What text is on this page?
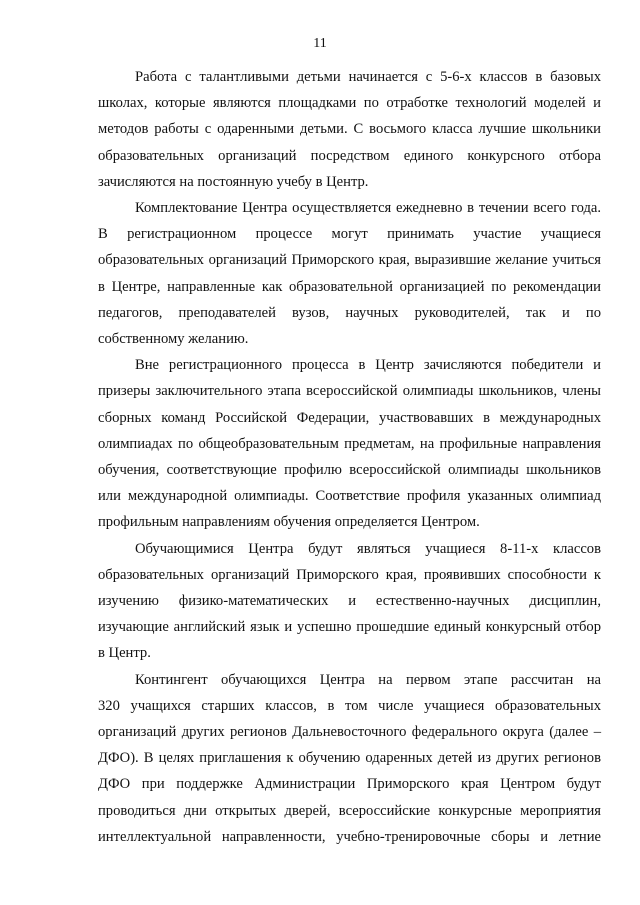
11

Работа с талантливыми детьми начинается с 5-6-х классов в базовых
школах, которые являются площадками по отработке технологий моделей и
методов работы с одаренными детьми. С восьмого класса лучшие школьники
образовательных организаций посредством единого конкурсного отбора
зачисляются на постоянную учебу в Центр.

Комплектование Центра осуществляется ежедневно в течении всего года.
В регистрационном процессе могут принимать участие учащиеся
образовательных организаций Приморского края, выразившие желание учиться
в Центре, направленные как образовательной организацией по рекомендации
педагогов, преподавателей вузов, научных руководителей, так и по
собственному желанию.

Вне регистрационного процесса в Центр зачисляются победители и
призеры заключительного этапа всероссийской олимпиады школьников, члены
сборных команд Российской Федерации, участвовавших в международных
олимпиадах по общеобразовательным предметам, на профильные направления
обучения, соответствующие профилю всероссийской олимпиады школьников
или международной олимпиады. Соответствие профиля указанных олимпиад
профильным направлениям обучения определяется Центром.

Обучающимися Центра будут являться учащиеся 8-11-х классов
образовательных организаций Приморского края, проявивших способности к
изучению физико-математических и естественно-научных дисциплин,
изучающие английский язык и успешно прошедшие единый конкурсный отбор
в Центр.

Контингент обучающихся Центра на первом этапе рассчитан на
320 учащихся старших классов, в том числе учащиеся образовательных
организаций других регионов Дальневосточного федерального округа (далее –
ДФО). В целях приглашения к обучению одаренных детей из других регионов
ДФО при поддержке Администрации Приморского края Центром будут
проводиться дни открытых дверей, всероссийские конкурсные мероприятия
интеллектуальной направленности, учебно-тренировочные сборы и летние
